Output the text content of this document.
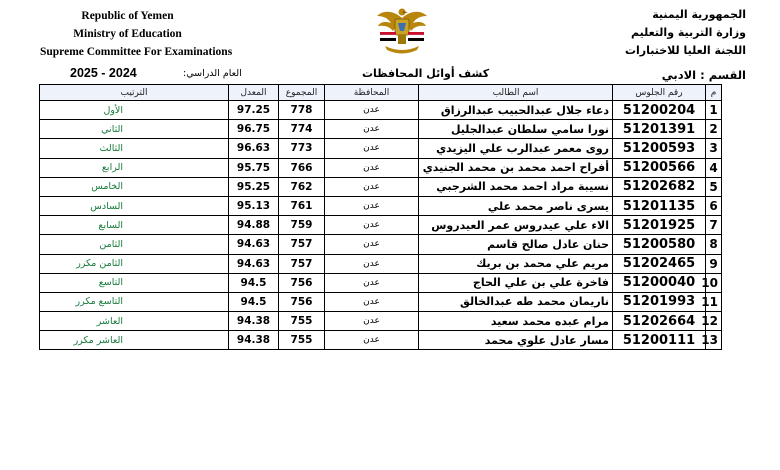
Republic of Yemen
Ministry of Education
Supreme Committee For Examinations
الجمهورية اليمنية
وزارة التربية والتعليم
اللجنة العليا للاختبارات
2025 - 2024	العام الدراسي:	كشف أوائل المحافظات	القسم : الادبي
م	رقم الجلوس	اسم الطالب	المحافظة	المجموع	المعدل	الترتيب
1	51200204	دعاء جلال عبدالحبيب عبدالرزاق	عدن	778	97.25	الأول
2	51201391	نورا سامي سلطان عبدالجليل	عدن	774	96.75	الثاني
3	51200593	روى معمر عبدالرب علي اليزيدي	عدن	773	96.63	الثالث
4	51200566	أفراح احمد محمد بن محمد الجنيدي	عدن	766	95.75	الرابع
5	51202682	نسيبة مراد احمد محمد الشرجبي	عدن	762	95.25	الخامس
6	51201135	يسرى ناصر محمد علي	عدن	761	95.13	السادس
7	51201925	الاء علي عيدروس عمر العيدروس	عدن	759	94.88	السابع
8	51200580	حنان عادل صالح قاسم	عدن	757	94.63	الثامن
9	51202465	مريم علي محمد بن بريك	عدن	757	94.63	الثامن مكرر
10	51200040	فاخرة علي بن علي الحاج	عدن	756	94.5	التاسع
11	51201993	ناريمان محمد طه عبدالخالق	عدن	756	94.5	التاسع مكرر
12	51202664	مرام عبده محمد سعيد	عدن	755	94.38	العاشر
13	51200111	مسار عادل علوي محمد	عدن	755	94.38	العاشر مكرر
